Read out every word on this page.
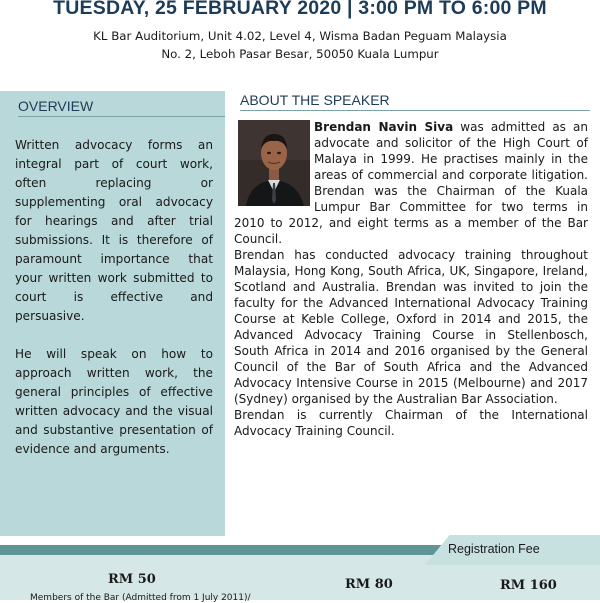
TUESDAY, 25 FEBRUARY 2020 | 3:00 PM TO 6:00 PM
KL Bar Auditorium, Unit 4.02, Level 4, Wisma Badan Peguam Malaysia
No. 2, Leboh Pasar Besar, 50050 Kuala Lumpur
OVERVIEW

Written advocacy forms an integral part of court work, often replacing or supplementing oral advocacy for hearings and after trial submissions. It is therefore of paramount importance that your written work submitted to court is effective and persuasive.

He will speak on how to approach written work, the general principles of effective written advocacy and the visual and substantive presentation of evidence and arguments.

ABOUT THE SPEAKER

Brendan Navin Siva was admitted as an advocate and solicitor of the High Court of Malaya in 1999. He practises mainly in the areas of commercial and corporate litigation. Brendan was the Chairman of the Kuala Lumpur Bar Committee for two terms in 2010 to 2012, and eight terms as a member of the Bar Council.

Brendan has conducted advocacy training throughout Malaysia, Hong Kong, South Africa, UK, Singapore, Ireland, Scotland and Australia. Brendan was invited to join the faculty for the Advanced International Advocacy Training Course at Keble College, Oxford in 2014 and 2015, the Advanced Advocacy Training Course in Stellenbosch, South Africa in 2014 and 2016 organised by the General Council of the Bar of South Africa and the Advanced Advocacy Intensive Course in 2015 (Melbourne) and 2017 (Sydney) organised by the Australian Bar Association.

Brendan is currently Chairman of the International Advocacy Training Council.

Registration Fee
RM 50	RM 80	RM 160
Members of the Bar (Admitted from 1 July 2011)/
